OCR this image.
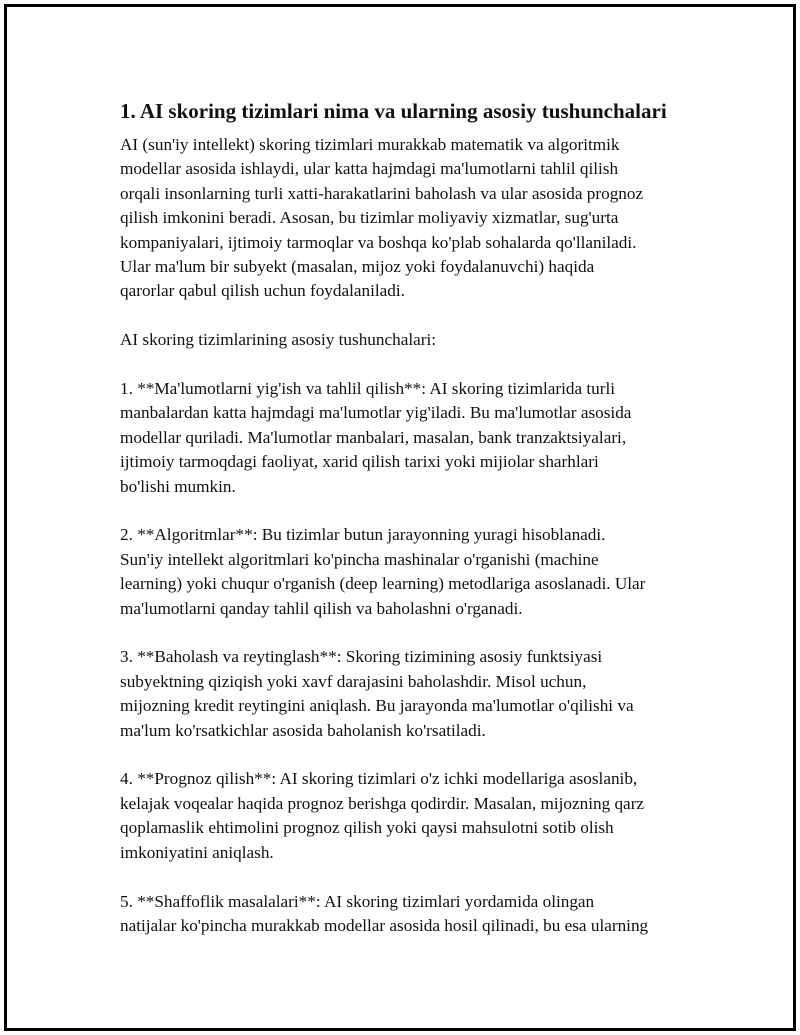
1. AI skoring tizimlari nima va ularning asosiy tushunchalari

AI (sun'iy intellekt) skoring tizimlari murakkab matematik va algoritmik
modellar asosida ishlaydi, ular katta hajmdagi ma'lumotlarni tahlil qilish
orqali insonlarning turli xatti-harakatlarini baholash va ular asosida prognoz
qilish imkonini beradi. Asosan, bu tizimlar moliyaviy xizmatlar, sug'urta
kompaniyalari, ijtimoiy tarmoqlar va boshqa ko'plab sohalarda qo'llaniladi.
Ular ma'lum bir subyekt (masalan, mijoz yoki foydalanuvchi) haqida
qarorlar qabul qilish uchun foydalaniladi.

AI skoring tizimlarining asosiy tushunchalari:

1. **Ma'lumotlarni yig'ish va tahlil qilish**: AI skoring tizimlarida turli
manbalardan katta hajmdagi ma'lumotlar yig'iladi. Bu ma'lumotlar asosida
modellar quriladi. Ma'lumotlar manbalari, masalan, bank tranzaktsiyalari,
ijtimoiy tarmoqdagi faoliyat, xarid qilish tarixi yoki mijiolar sharhlari
bo'lishi mumkin.

2. **Algoritmlar**: Bu tizimlar butun jarayonning yuragi hisoblanadi.
Sun'iy intellekt algoritmlari ko'pincha mashinalar o'rganishi (machine
learning) yoki chuqur o'rganish (deep learning) metodlariga asoslanadi. Ular
ma'lumotlarni qanday tahlil qilish va baholashni o'rganadi.

3. **Baholash va reytinglash**: Skoring tizimining asosiy funktsiyasi
subyektning qiziqish yoki xavf darajasini baholashdir. Misol uchun,
mijozning kredit reytingini aniqlash. Bu jarayonda ma'lumotlar o'qilishi va
ma'lum ko'rsatkichlar asosida baholanish ko'rsatiladi.

4. **Prognoz qilish**: AI skoring tizimlari o'z ichki modellariga asoslanib,
kelajak voqealar haqida prognoz berishga qodirdir. Masalan, mijozning qarz
qoplamaslik ehtimolini prognoz qilish yoki qaysi mahsulotni sotib olish
imkoniyatini aniqlash.

5. **Shaffoflik masalalari**: AI skoring tizimlari yordamida olingan
natijalar ko'pincha murakkab modellar asosida hosil qilinadi, bu esa ularning
